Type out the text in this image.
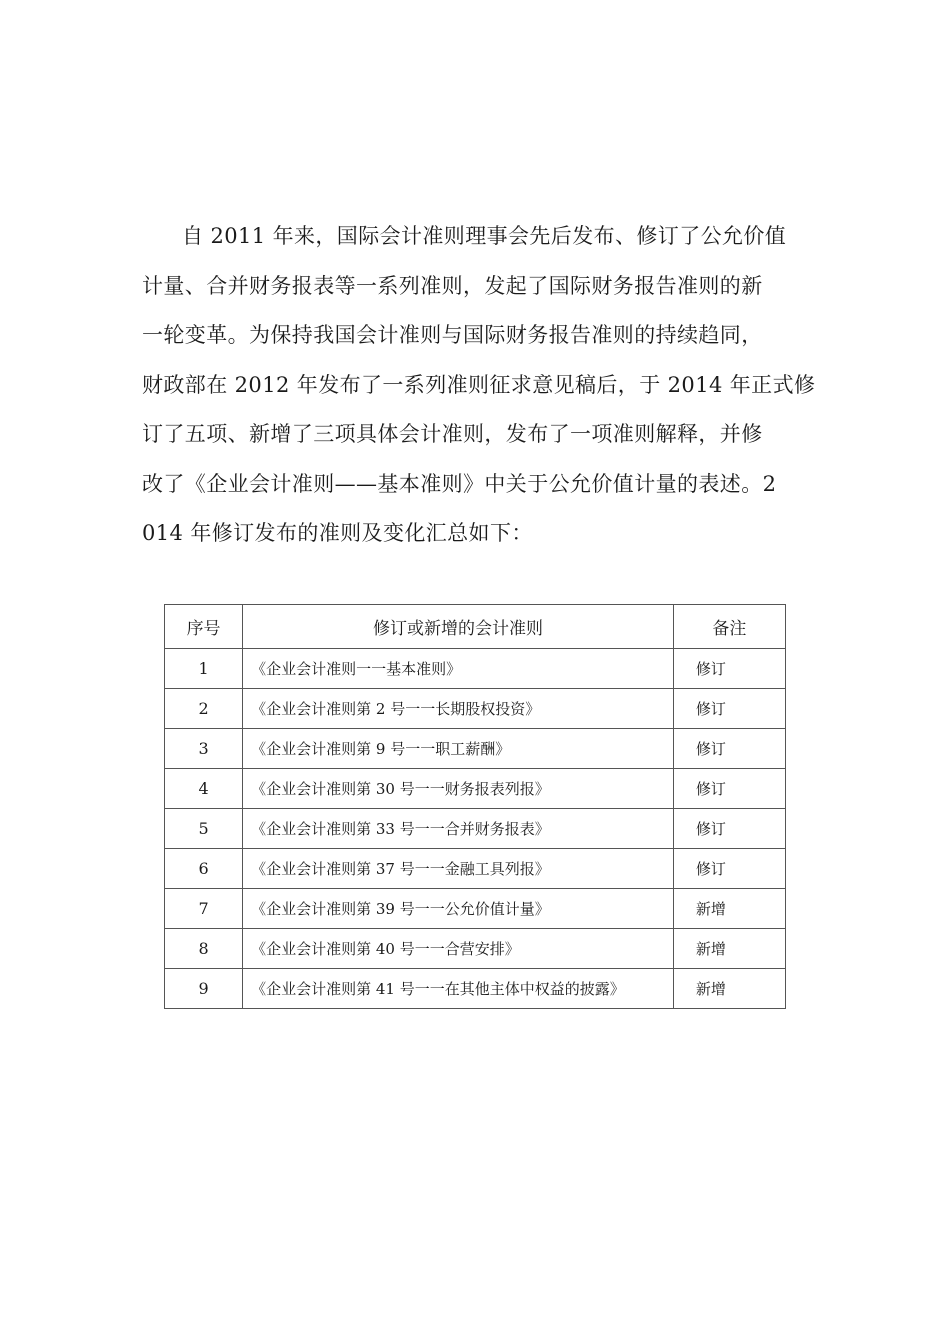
自 2011 年来，国际会计准则理事会先后发布、修订了公允价值
计量、合并财务报表等一系列准则，发起了国际财务报告准则的新
一轮变革。为保持我国会计准则与国际财务报告准则的持续趋同，
财政部在 2012 年发布了一系列准则征求意见稿后，于 2014 年正式修
订了五项、新增了三项具体会计准则，发布了一项准则解释，并修
改了《企业会计准则——基本准则》中关于公允价值计量的表述。2
014 年修订发布的准则及变化汇总如下：
序号	修订或新增的会计准则	备注
1	《企业会计准则一一基本准则》	修订
2	《企业会计准则第 2 号一一长期股权投资》	修订
3	《企业会计准则第 9 号一一职工薪酬》	修订
4	《企业会计准则第 30 号一一财务报表列报》	修订
5	《企业会计准则第 33 号一一合并财务报表》	修订
6	《企业会计准则第 37 号一一金融工具列报》	修订
7	《企业会计准则第 39 号一一公允价值计量》	新增
8	《企业会计准则第 40 号一一合营安排》	新增
9	《企业会计准则第 41 号一一在其他主体中权益的披露》	新增
